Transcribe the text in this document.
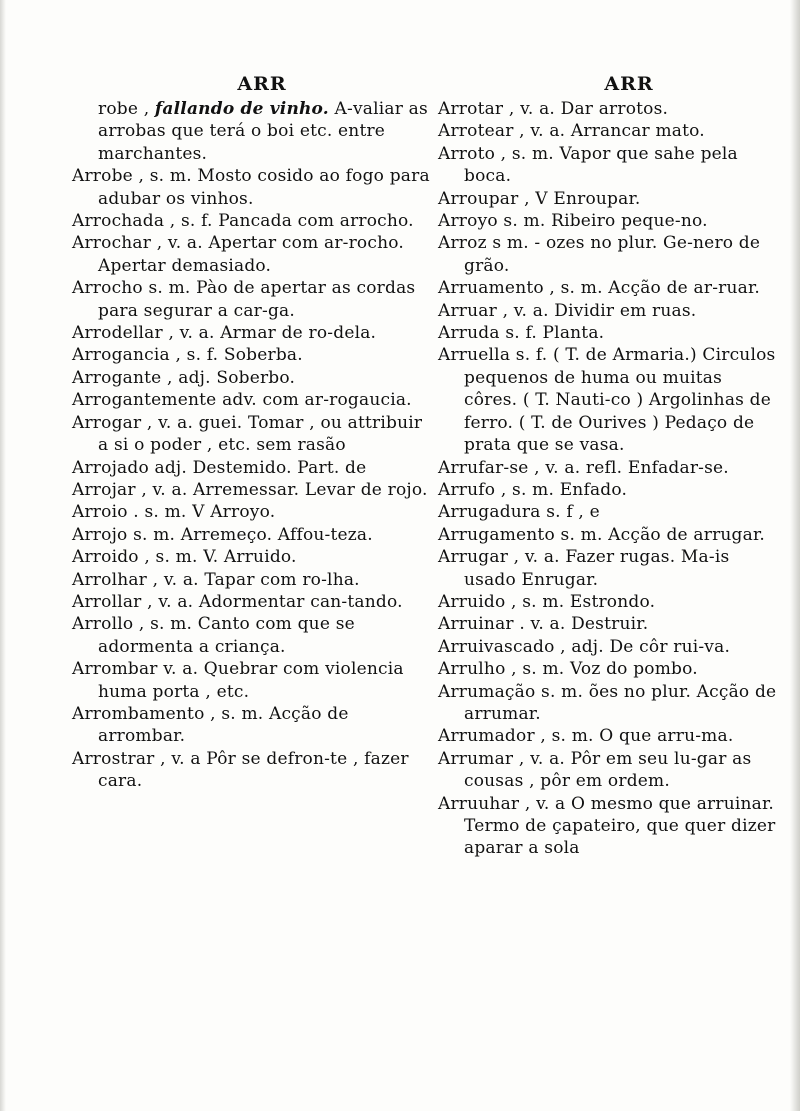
ARR
robe , fallando de vinho. A-valiar as arrobas que terá o boi etc. entre marchantes.
Arrobe , s. m. Mosto cosido ao fogo para adubar os vinhos.
Arrochada , s. f. Pancada com arrocho.
Arrochar , v. a. Apertar com ar-rocho. Apertar demasiado.
Arrocho s. m. Pào de apertar as cordas para segurar a car-ga.
Arrodellar , v. a. Armar de ro-dela.
Arrogancia , s. f. Soberba.
Arrogante , adj. Soberbo.
Arrogantemente adv. com ar-rogaucia.
Arrogar , v. a. guei. Tomar , ou attribuir a si o poder , etc. sem rasão
Arrojado adj. Destemido. Part. de
Arrojar , v. a. Arremessar. Levar de rojo.
Arroio . s. m. V Arroyo.
Arrojo s. m. Arremeço. Affou-teza.
Arroido , s. m. V. Arruido.
Arrolhar , v. a. Tapar com ro-lha.
Arrollar , v. a. Adormentar can-tando.
Arrollo , s. m. Canto com que se adormenta a criança.
Arrombar v. a. Quebrar com violencia huma porta , etc.
Arrombamento , s. m. Acção de arrombar.
Arrostrar , v. a Pôr se defron-te , fazer cara.
ARR
Arrotar , v. a. Dar arrotos.
Arrotear , v. a. Arrancar mato.
Arroto , s. m. Vapor que sahe pela boca.
Arroupar , V Enroupar.
Arroyo s. m. Ribeiro peque-no.
Arroz s m. - ozes no plur. Ge-nero de grão.
Arruamento , s. m. Acção de ar-ruar.
Arruar , v. a. Dividir em ruas.
Arruda s. f. Planta.
Arruella s. f. ( T. de Armaria.) Circulos pequenos de huma ou muitas côres. ( T. Nauti-co ) Argolinhas de ferro. ( T. de Ourives ) Pedaço de prata que se vasa.
Arrufar-se , v. a. refl. Enfadar-se.
Arrufo , s. m. Enfado.
Arrugadura s. f , e
Arrugamento s. m. Acção de arrugar.
Arrugar , v. a. Fazer rugas. Ma-is usado Enrugar.
Arruido , s. m. Estrondo.
Arruinar . v. a. Destruir.
Arruivascado , adj. De côr rui-va.
Arrulho , s. m. Voz do pombo.
Arrumação s. m. ões no plur. Acção de arrumar.
Arrumador , s. m. O que arru-ma.
Arrumar , v. a. Pôr em seu lu-gar as cousas , pôr em ordem.
Arruuhar , v. a O mesmo que arruinar. Termo de çapateiro, que quer dizer aparar a sola
